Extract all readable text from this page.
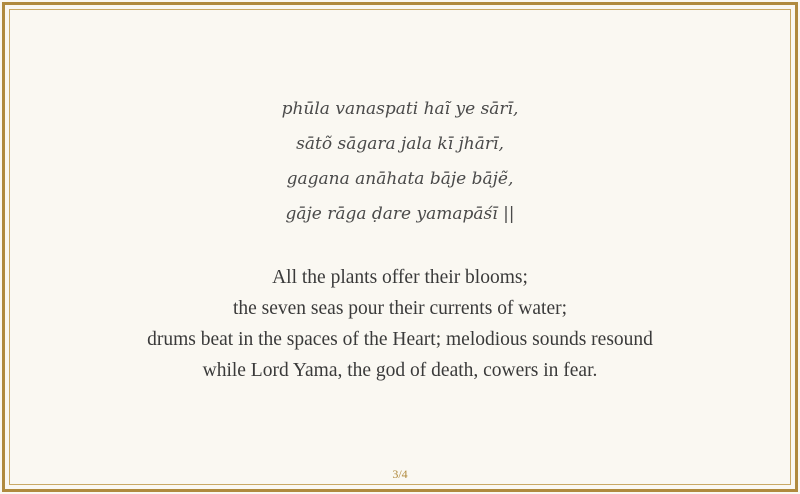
phūla vanaspati haĩ ye sārī,
sātõ sāgara jala kī jhārī,
gagana anāhata bāje bājẽ,
gāje rāga ḍare yamapāśī ||
All the plants offer their blooms;
the seven seas pour their currents of water;
drums beat in the spaces of the Heart; melodious sounds resound
while Lord Yama, the god of death, cowers in fear.
3/4
